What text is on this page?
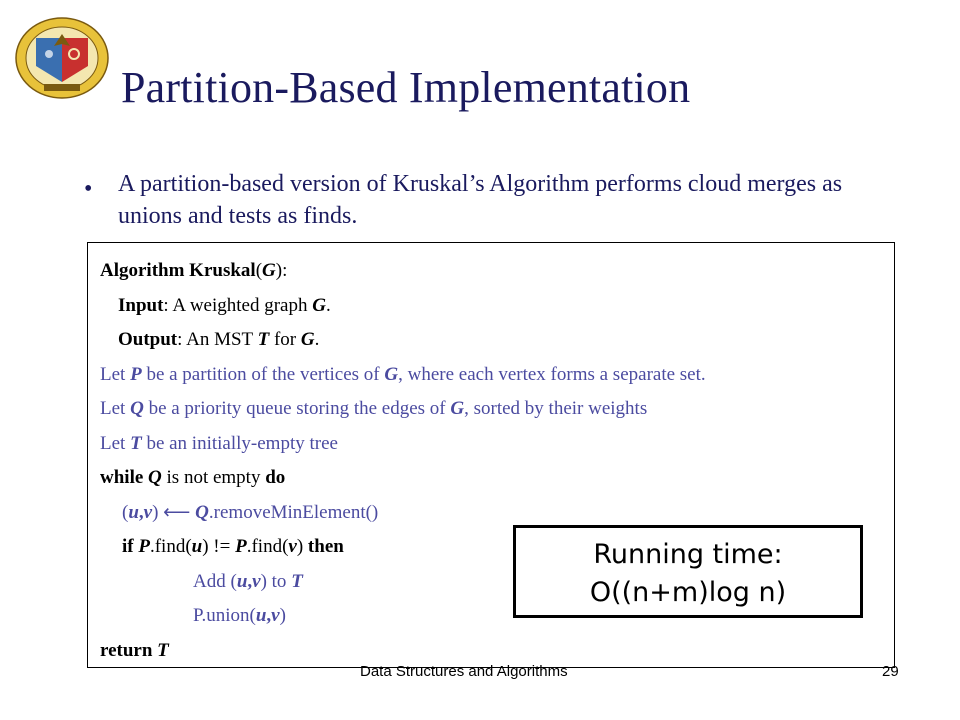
Partition-Based Implementation
• A partition-based version of Kruskal’s Algorithm performs cloud merges as unions and tests as finds.
Algorithm Kruskal(G):
Input: A weighted graph G.
Output: An MST T for G.
Let P be a partition of the vertices of G, where each vertex forms a separate set.
Let Q be a priority queue storing the edges of G, sorted by their weights
Let T be an initially-empty tree
while Q is not empty do
(u,v) ⟵ Q.removeMinElement()
if P.find(u) != P.find(v) then
Add (u,v) to T
P.union(u,v)
return T
Running time:
O((n+m)log n)
Data Structures and Algorithms	29
